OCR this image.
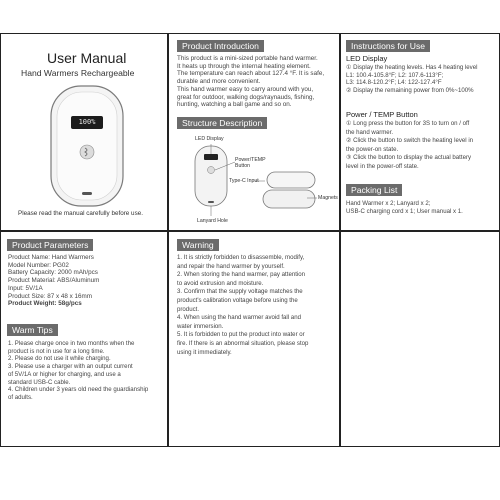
User Manual
Hand Warmers Rechargeable
100%
Please read the manual carefully before use.
Product Introduction
This product is a mini-sized portable hand warmer.
It heats up through the internal heating element.
The temperature can reach about 127.4 °F. It is safe,
durable and more convenient.
This hand warmer easy to carry around with you,
great for outdoor, walking dogs/raynauds, fishing,
hunting, watching a ball game and so on.
Structure Description
LED Display
Power/TEMP
Button
Type-C Input
Magnets
Lanyard Hole
Instructions for Use
LED Display
① Display the heating levels. Has 4 heating level
L1: 100.4-105.8°F; L2: 107.6-113°F;
L3: 114.8-120.2°F; L4: 122-127.4°F
② Display the remaining power from 0%~100%
Power / TEMP Button
① Long press the button for 3S to turn on / off
the hand warmer.
② Click the button to switch the heating level in
the power-on state.
③ Click the button to display the actual battery
level in the power-off state.
Packing List
Hand Warmer x 2; Lanyard x 2;
USB-C charging cord x 1; User manual x 1.
Product Parameters
Product Name: Hand Warmers
Model Number: PG02
Battery Capacity: 2000 mAh/pcs
Product Material: ABS/Aluminum
Input: 5V/1A
Product Size: 87 x 48 x 16mm
Product Weight: 58g/pcs
Warm Tips
1. Please charge once in two months when the
product is not in use for a long time.
2. Please do not use it while charging.
3. Please use a charger with an output current
of 5V/1A or higher for charging, and use a
standard USB-C cable.
4. Children under 3 years old need the guardianship
of adults.
Warning
1. It is strictly forbidden to disassemble, modify,
and repair the hand warmer by yourself.
2. When storing the hand warmer, pay attention
to avoid extrusion and moisture.
3. Confirm that the supply voltage matches the
product's calibration voltage before using the
product.
4. When using the hand warmer avoid fall and
water immersion.
5. It is forbidden to put the product into water or
fire. If there is an abnormal situation, please stop
using it immediately.
